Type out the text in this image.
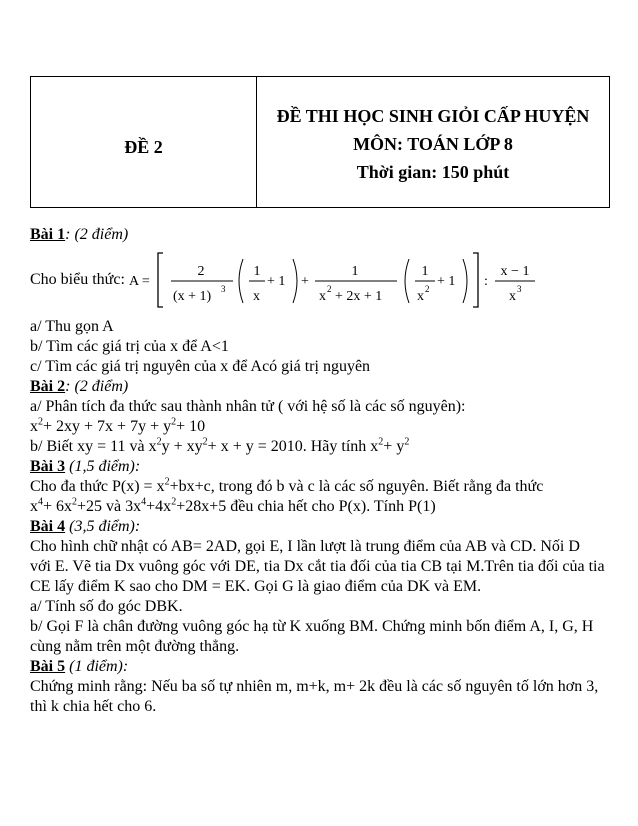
ĐỀ 2
ĐỀ THI HỌC SINH GIỎI CẤP HUYỆN
MÔN: TOÁN LỚP 8
Thời gian: 150 phút
Bài 1: (2 điểm)
Cho biểu thức: A =
2
(x + 1) 3
1
x
+ 1 +
1
x 2 + 2x + 1
1
x 2 + 1 :
x − 1
x 3
a/ Thu gọn A
b/ Tìm các giá trị của x để A<1
c/ Tìm các giá trị nguyên của x để Acó giá trị nguyên
Bài 2: (2 điểm)
a/ Phân tích đa thức sau thành nhân tử ( với hệ số là các số nguyên):
$x^2+ 2xy + 7x + 7y + y^2+ 10$
b/ Biết xy = 11 và $x^2y + xy^2+ x + y = 2010$. Hãy tính $x^2+ y^2$
Bài 3 (1,5 điểm):
Cho đa thức $P(x) = x^2+bx+c$, trong đó b và c là các số nguyên. Biết rằng đa thức
$x^4+ 6x^2+25$ và $3x^4+4x^2+28x+5$ đều chia hết cho P(x). Tính P(1)
Bài 4 (3,5 điểm):
Cho hình chữ nhật có AB= 2AD, gọi E, I lần lượt là trung điểm của AB và CD. Nối D
với E. Vẽ tia Dx vuông góc với DE, tia Dx cắt tia đối của tia CB tại M.Trên tia đối của tia
CE lấy điểm K sao cho DM = EK. Gọi G là giao điểm của DK và EM.
a/ Tính số đo góc DBK.
b/ Gọi F là chân đường vuông góc hạ từ K xuống BM. Chứng minh bốn điểm A, I, G, H
cùng nằm trên một đường thẳng.
Bài 5 (1 điểm):
Chứng minh rằng: Nếu ba số tự nhiên m, m+k, m+ 2k đều là các số nguyên tố lớn hơn 3,
thì k chia hết cho 6.
